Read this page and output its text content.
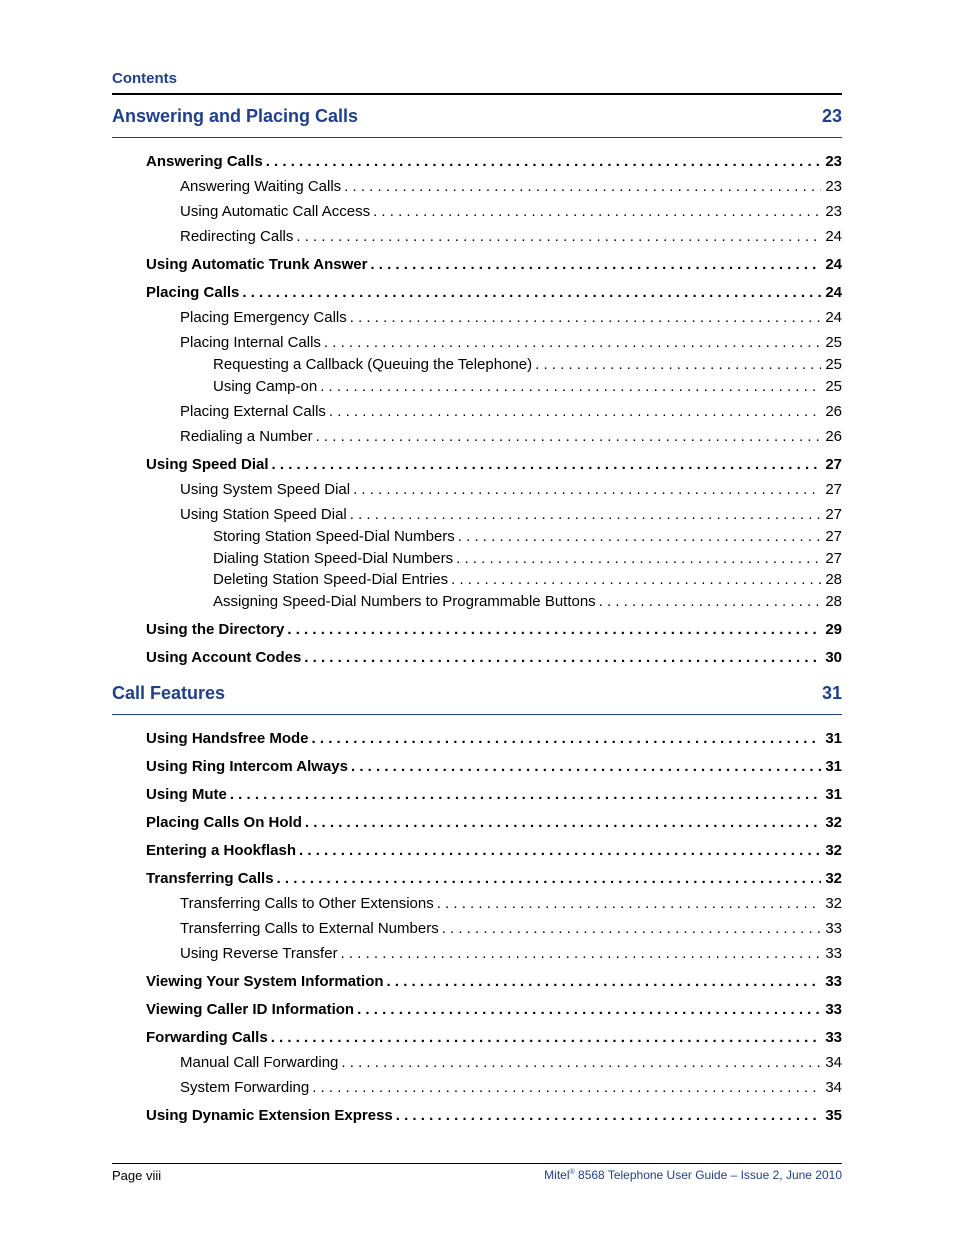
Contents
Answering and Placing Calls	23
Answering Calls . . .	23
Answering Waiting Calls . . .	23
Using Automatic Call Access . . .	23
Redirecting Calls . . .	24
Using Automatic Trunk Answer . . .	24
Placing Calls . . .	24
Placing Emergency Calls . . .	24
Placing Internal Calls . . .	25
Requesting a Callback (Queuing the Telephone) . . .	25
Using Camp-on . . .	25
Placing External Calls . . .	26
Redialing a Number . . .	26
Using Speed Dial . . .	27
Using System Speed Dial . . .	27
Using Station Speed Dial . . .	27
Storing Station Speed-Dial Numbers . . .	27
Dialing Station Speed-Dial Numbers . . .	27
Deleting Station Speed-Dial Entries . . .	28
Assigning Speed-Dial Numbers to Programmable Buttons . . .	28
Using the Directory . . .	29
Using Account Codes . . .	30
Call Features	31
Using Handsfree Mode . . .	31
Using Ring Intercom Always . . .	31
Using Mute . . .	31
Placing Calls On Hold . . .	32
Entering a Hookflash . . .	32
Transferring Calls . . .	32
Transferring Calls to Other Extensions . . .	32
Transferring Calls to External Numbers . . .	33
Using Reverse Transfer . . .	33
Viewing Your System Information . . .	33
Viewing Caller ID Information . . .	33
Forwarding Calls . . .	33
Manual Call Forwarding . . .	34
System Forwarding . . .	34
Using Dynamic Extension Express . . .	35
Page viii	Mitel® 8568 Telephone User Guide – Issue 2, June 2010
